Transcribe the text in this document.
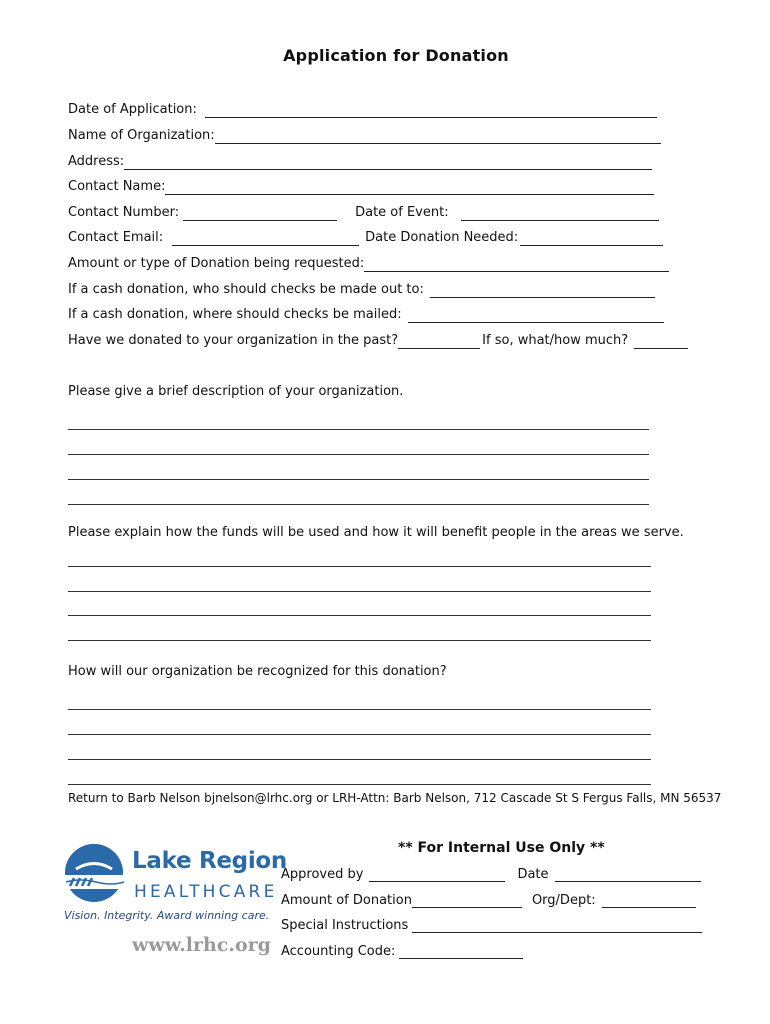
Application for Donation
Date of Application:
Name of Organization:
Address:
Contact Name:
Contact Number:	Date of Event:
Contact Email:	Date Donation Needed:
Amount or type of Donation being requested:
If a cash donation, who should checks be made out to:
If a cash donation, where should checks be mailed:
Have we donated to your organization in the past?	If so, what/how much?
Please give a brief description of your organization.
Please explain how the funds will be used and how it will benefit people in the areas we serve.
How will our organization be recognized for this donation?
Return to Barb Nelson bjnelson@lrhc.org or LRH-Attn: Barb Nelson, 712 Cascade St S Fergus Falls, MN 56537
Lake Region
HEALTHCARE
Vision. Integrity. Award winning care.
www.lrhc.org
** For Internal Use Only **
Approved by	Date
Amount of Donation	Org/Dept:
Special Instructions
Accounting Code:
